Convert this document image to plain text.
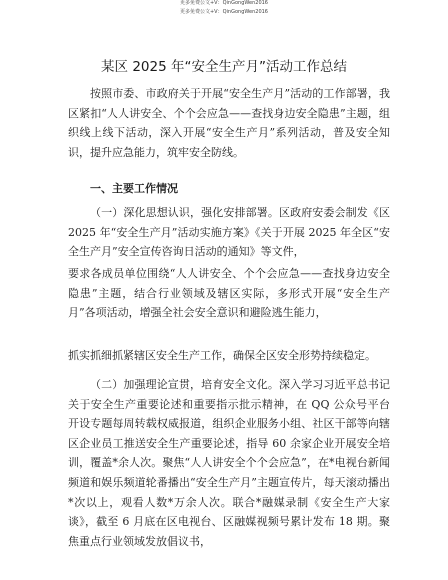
更多免费公文+V：QinGongWen2016
更多免费公文+V：QinGongWen2016
某区 2025 年“安全生产月”活动工作总结

按照市委、市政府关于开展“安全生产月”活动的工作部署，我区紧扣“人人讲安全、个个会应急——查找身边安全隐患”主题，组织线上线下活动，深入开展“安全生产月”系列活动，普及安全知识，提升应急能力，筑牢安全防线。

一、主要工作情况

（一）深化思想认识，强化安排部署。区政府安委会制发《区 2025 年“安全生产月”活动实施方案》《关于开展 2025 年全区“安全生产月”安全宣传咨询日活动的通知》等文件，

要求各成员单位围绕“人人讲安全、个个会应急——查找身边安全隐患”主题，结合行业领域及辖区实际，多形式开展“安全生产月”各项活动，增强全社会安全意识和避险逃生能力，

抓实抓细抓紧辖区安全生产工作，确保全区安全形势持续稳定。

（二）加强理论宣贯，培育安全文化。深入学习习近平总书记关于安全生产重要论述和重要指示批示精神，在 QQ 公众号平台开设专题每周转载权威报道，组织企业服务小组、社区干部等向辖区企业员工推送安全生产重要论述，指导 60 余家企业开展安全培训，覆盖*余人次。聚焦“人人讲安全个个会应急”，在*电视台新闻频道和娱乐频道轮番播出“安全生产月”主题宣传片，每天滚动播出*次以上，观看人数*万余人次。联合*融媒录制《安全生产大家谈》，截至 6 月底在区电视台、区融媒视频号累计发布 18 期。聚焦重点行业领域发放倡议书，
